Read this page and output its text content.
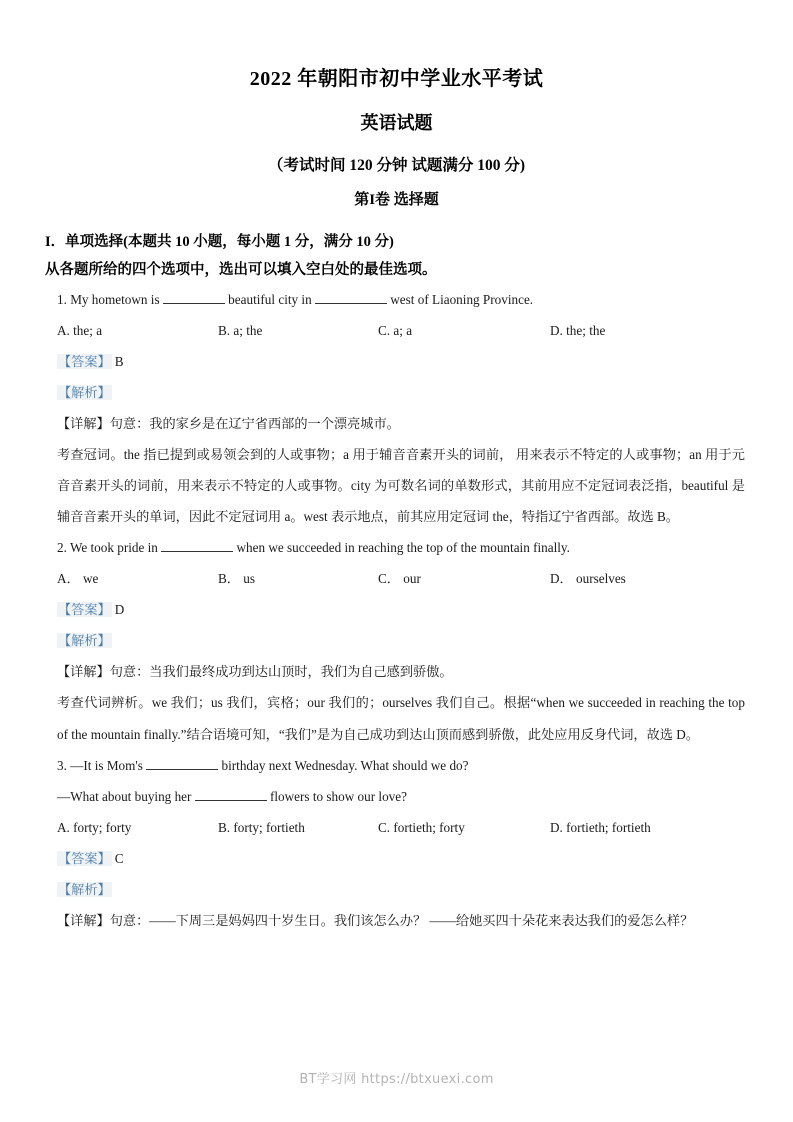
2022 年朝阳市初中学业水平考试
英语试题
（考试时间 120 分钟 试题满分 100 分)
第I卷 选择题
I．单项选择(本题共 10 小题，每小题 1 分，满分 10 分)
从各题所给的四个选项中，选出可以填入空白处的最佳选项。

1. My hometown is	beautiful city in	west of Liaoning Province.

A. the; a	B. a; the	C. a; a	D. the; the

【答案】 B

【解析】

【详解】句意：我的家乡是在辽宁省西部的一个漂亮城市。

考查冠词。the 指已提到或易领会到的人或事物；a 用于辅音音素开头的词前， 用来表示不特定的人或事物；an 用于元音音素开头的词前，用来表示不特定的人或事物。city 为可数名词的单数形式，其前用应不定冠词表泛指，beautiful 是辅音音素开头的单词，因此不定冠词用 a。west 表示地点，前其应用定冠词 the，特指辽宁省西部。故选 B。

2. We took pride in	when we succeeded in reaching the top of the mountain finally.

A． we	B． us	C． our	D． ourselves

【答案】 D

【解析】

【详解】句意：当我们最终成功到达山顶时，我们为自己感到骄傲。

考查代词辨析。we 我们；us 我们，宾格；our 我们的；ourselves 我们自己。根据“when we succeeded in reaching the top of the mountain finally.”结合语境可知，“我们”是为自己成功到达山顶而感到骄傲，此处应用反身代词，故选 D。

3. —It is Mom's	birthday next Wednesday. What should we do?

—What about buying her	flowers to show our love?

A. forty; forty	B. forty; fortieth	C. fortieth; forty	D. fortieth; fortieth

【答案】 C

【解析】

【详解】句意：——下周三是妈妈四十岁生日。我们该怎么办？ ——给她买四十朵花来表达我们的爱怎么样？

BT学习网 https://btxuexi.com
